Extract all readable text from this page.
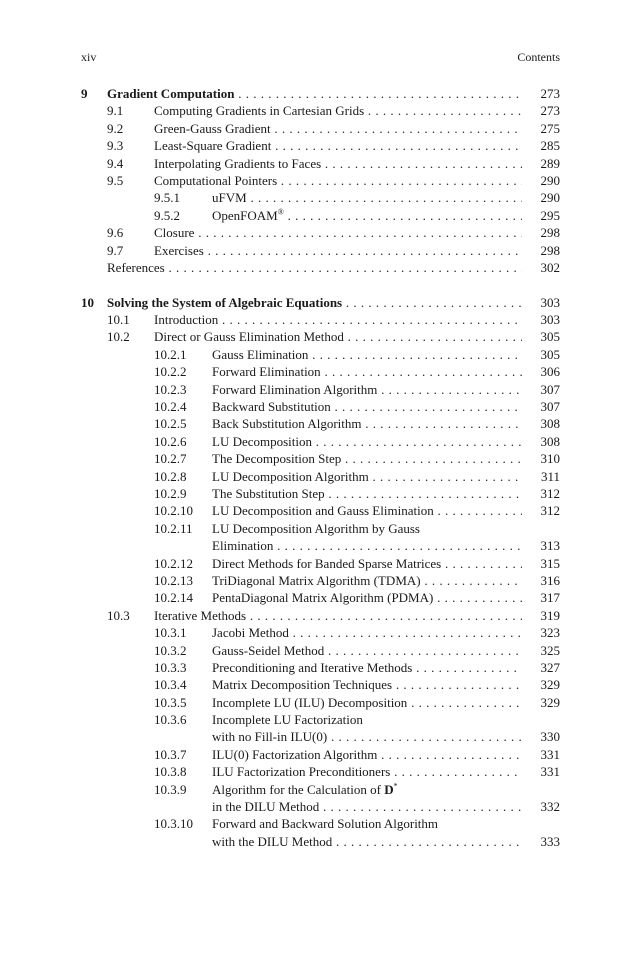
xiv	Contents
9 Gradient Computation . . .	273
9.1 Computing Gradients in Cartesian Grids . . .	273
9.2 Green-Gauss Gradient . . .	275
9.3 Least-Square Gradient . . .	285
9.4 Interpolating Gradients to Faces . . .	289
9.5 Computational Pointers . . .	290
9.5.1 uFVM . . .	290
9.5.2 OpenFOAM® . . .	295
9.6 Closure . . .	298
9.7 Exercises . . .	298
References . . .	302
10 Solving the System of Algebraic Equations . . .	303
10.1 Introduction . . .	303
10.2 Direct or Gauss Elimination Method . . .	305
10.2.1 Gauss Elimination . . .	305
10.2.2 Forward Elimination . . .	306
10.2.3 Forward Elimination Algorithm . . .	307
10.2.4 Backward Substitution . . .	307
10.2.5 Back Substitution Algorithm . . .	308
10.2.6 LU Decomposition . . .	308
10.2.7 The Decomposition Step . . .	310
10.2.8 LU Decomposition Algorithm . . .	311
10.2.9 The Substitution Step . . .	312
10.2.10 LU Decomposition and Gauss Elimination . . .	312
10.2.11 LU Decomposition Algorithm by Gauss
Elimination . . .	313
10.2.12 Direct Methods for Banded Sparse Matrices . . .	315
10.2.13 TriDiagonal Matrix Algorithm (TDMA) . . .	316
10.2.14 PentaDiagonal Matrix Algorithm (PDMA) . . .	317
10.3 Iterative Methods . . .	319
10.3.1 Jacobi Method . . .	323
10.3.2 Gauss-Seidel Method . . .	325
10.3.3 Preconditioning and Iterative Methods . . .	327
10.3.4 Matrix Decomposition Techniques . . .	329
10.3.5 Incomplete LU (ILU) Decomposition . . .	329
10.3.6 Incomplete LU Factorization
with no Fill-in ILU(0) . . .	330
10.3.7 ILU(0) Factorization Algorithm . . .	331
10.3.8 ILU Factorization Preconditioners . . .	331
10.3.9 Algorithm for the Calculation of D*
in the DILU Method . . .	332
10.3.10 Forward and Backward Solution Algorithm
with the DILU Method . . .	333
